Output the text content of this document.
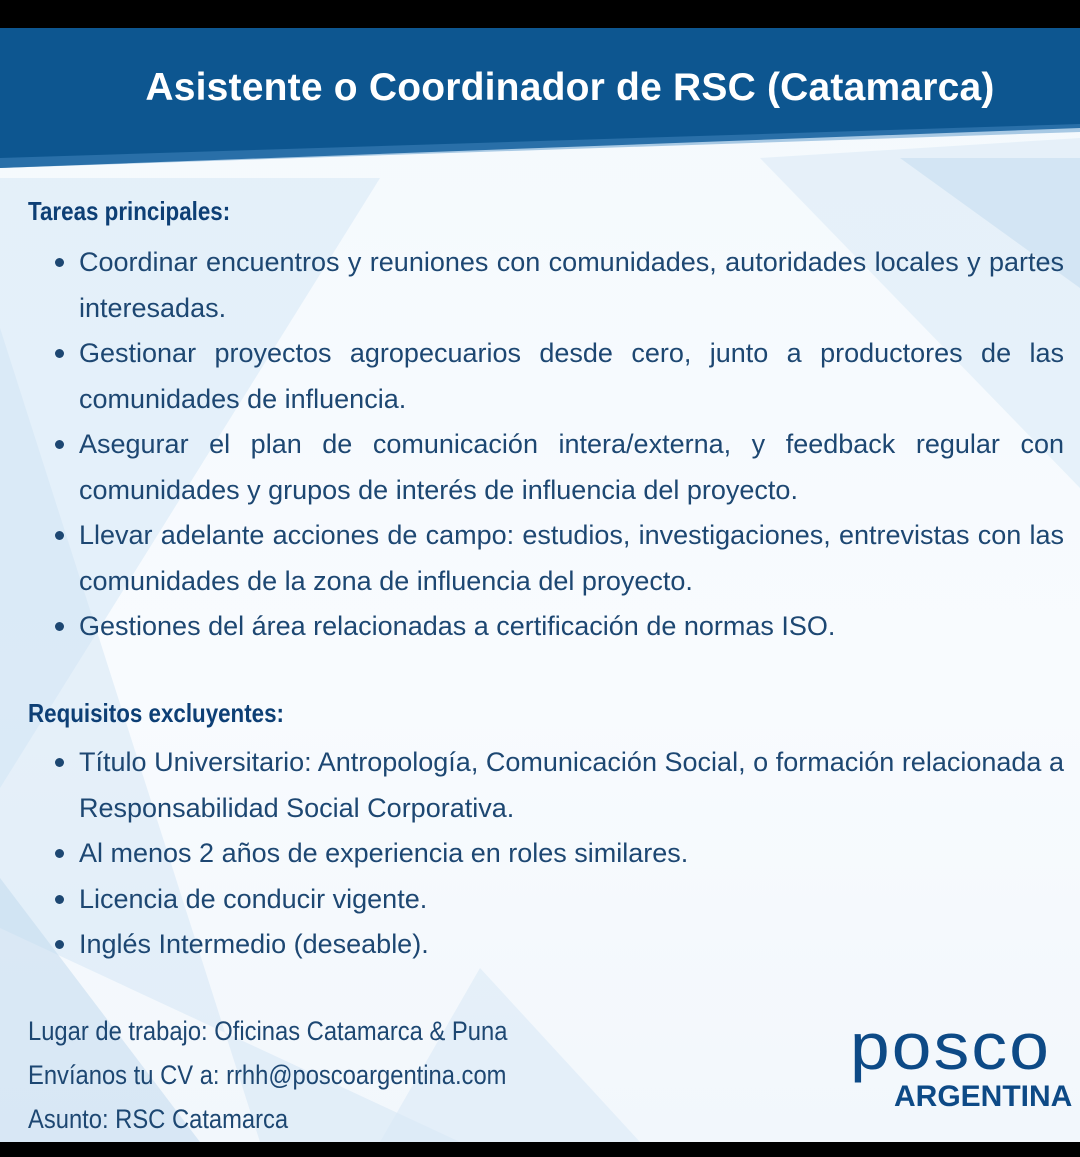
Asistente o Coordinador de RSC (Catamarca)
Tareas principales:
Coordinar encuentros y reuniones con comunidades, autoridades locales y partes interesadas.
Gestionar proyectos agropecuarios desde cero, junto a productores de las comunidades de influencia.
Asegurar el plan de comunicación intera/externa, y feedback regular con comunidades y grupos de interés de influencia del proyecto.
Llevar adelante acciones de campo: estudios, investigaciones, entrevistas con las comunidades de la zona de influencia del proyecto.
Gestiones del área relacionadas a certificación de normas ISO.
Requisitos excluyentes:
Título Universitario: Antropología, Comunicación Social, o formación relacionada a Responsabilidad Social Corporativa.
Al menos 2 años de experiencia en roles similares.
Licencia de conducir vigente.
Inglés Intermedio (deseable).
Lugar de trabajo: Oficinas Catamarca & Puna
Envíanos tu CV a: rrhh@poscoargentina.com
Asunto: RSC Catamarca
posco
ARGENTINA
